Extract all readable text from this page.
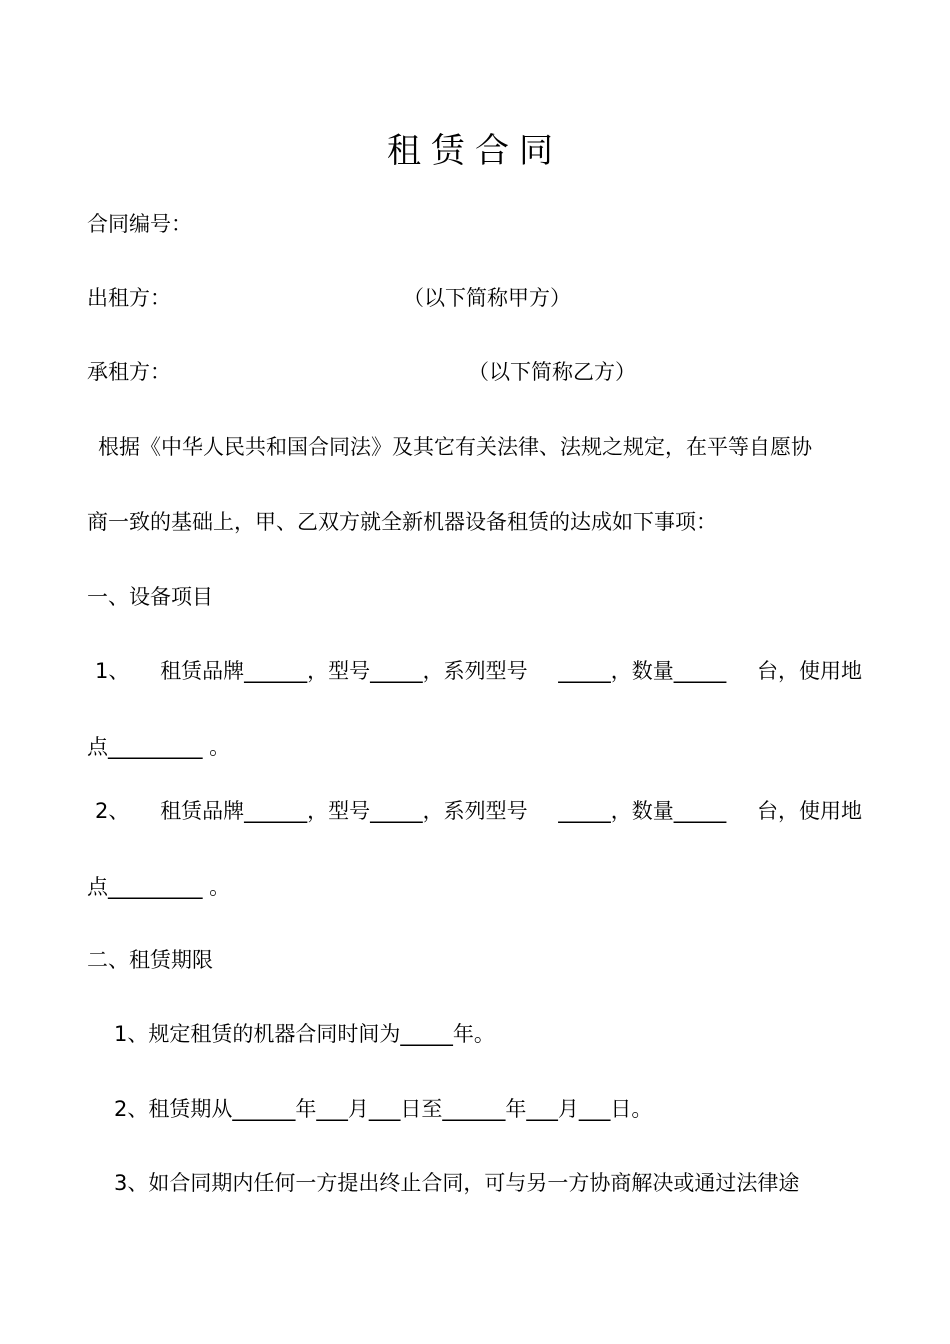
租赁合同
合同编号：
出租方：	（以下简称甲方）
承租方：	（以下简称乙方）
根据《中华人民共和国合同法》及其它有关法律、法规之规定，在平等自愿协
商一致的基础上，甲、乙双方就全新机器设备租赁的达成如下事项：
一、设备项目
1、 租赁品牌______，型号_____，系列型号 _____，数量_____ 台，使用地
点_________ 。
2、 租赁品牌______，型号_____，系列型号 _____，数量_____ 台，使用地
点_________ 。
二、租赁期限
1、规定租赁的机器合同时间为_____年。
2、租赁期从______年___月___日至______年___月___日。
3、如合同期内任何一方提出终止合同，可与另一方协商解决或通过法律途
